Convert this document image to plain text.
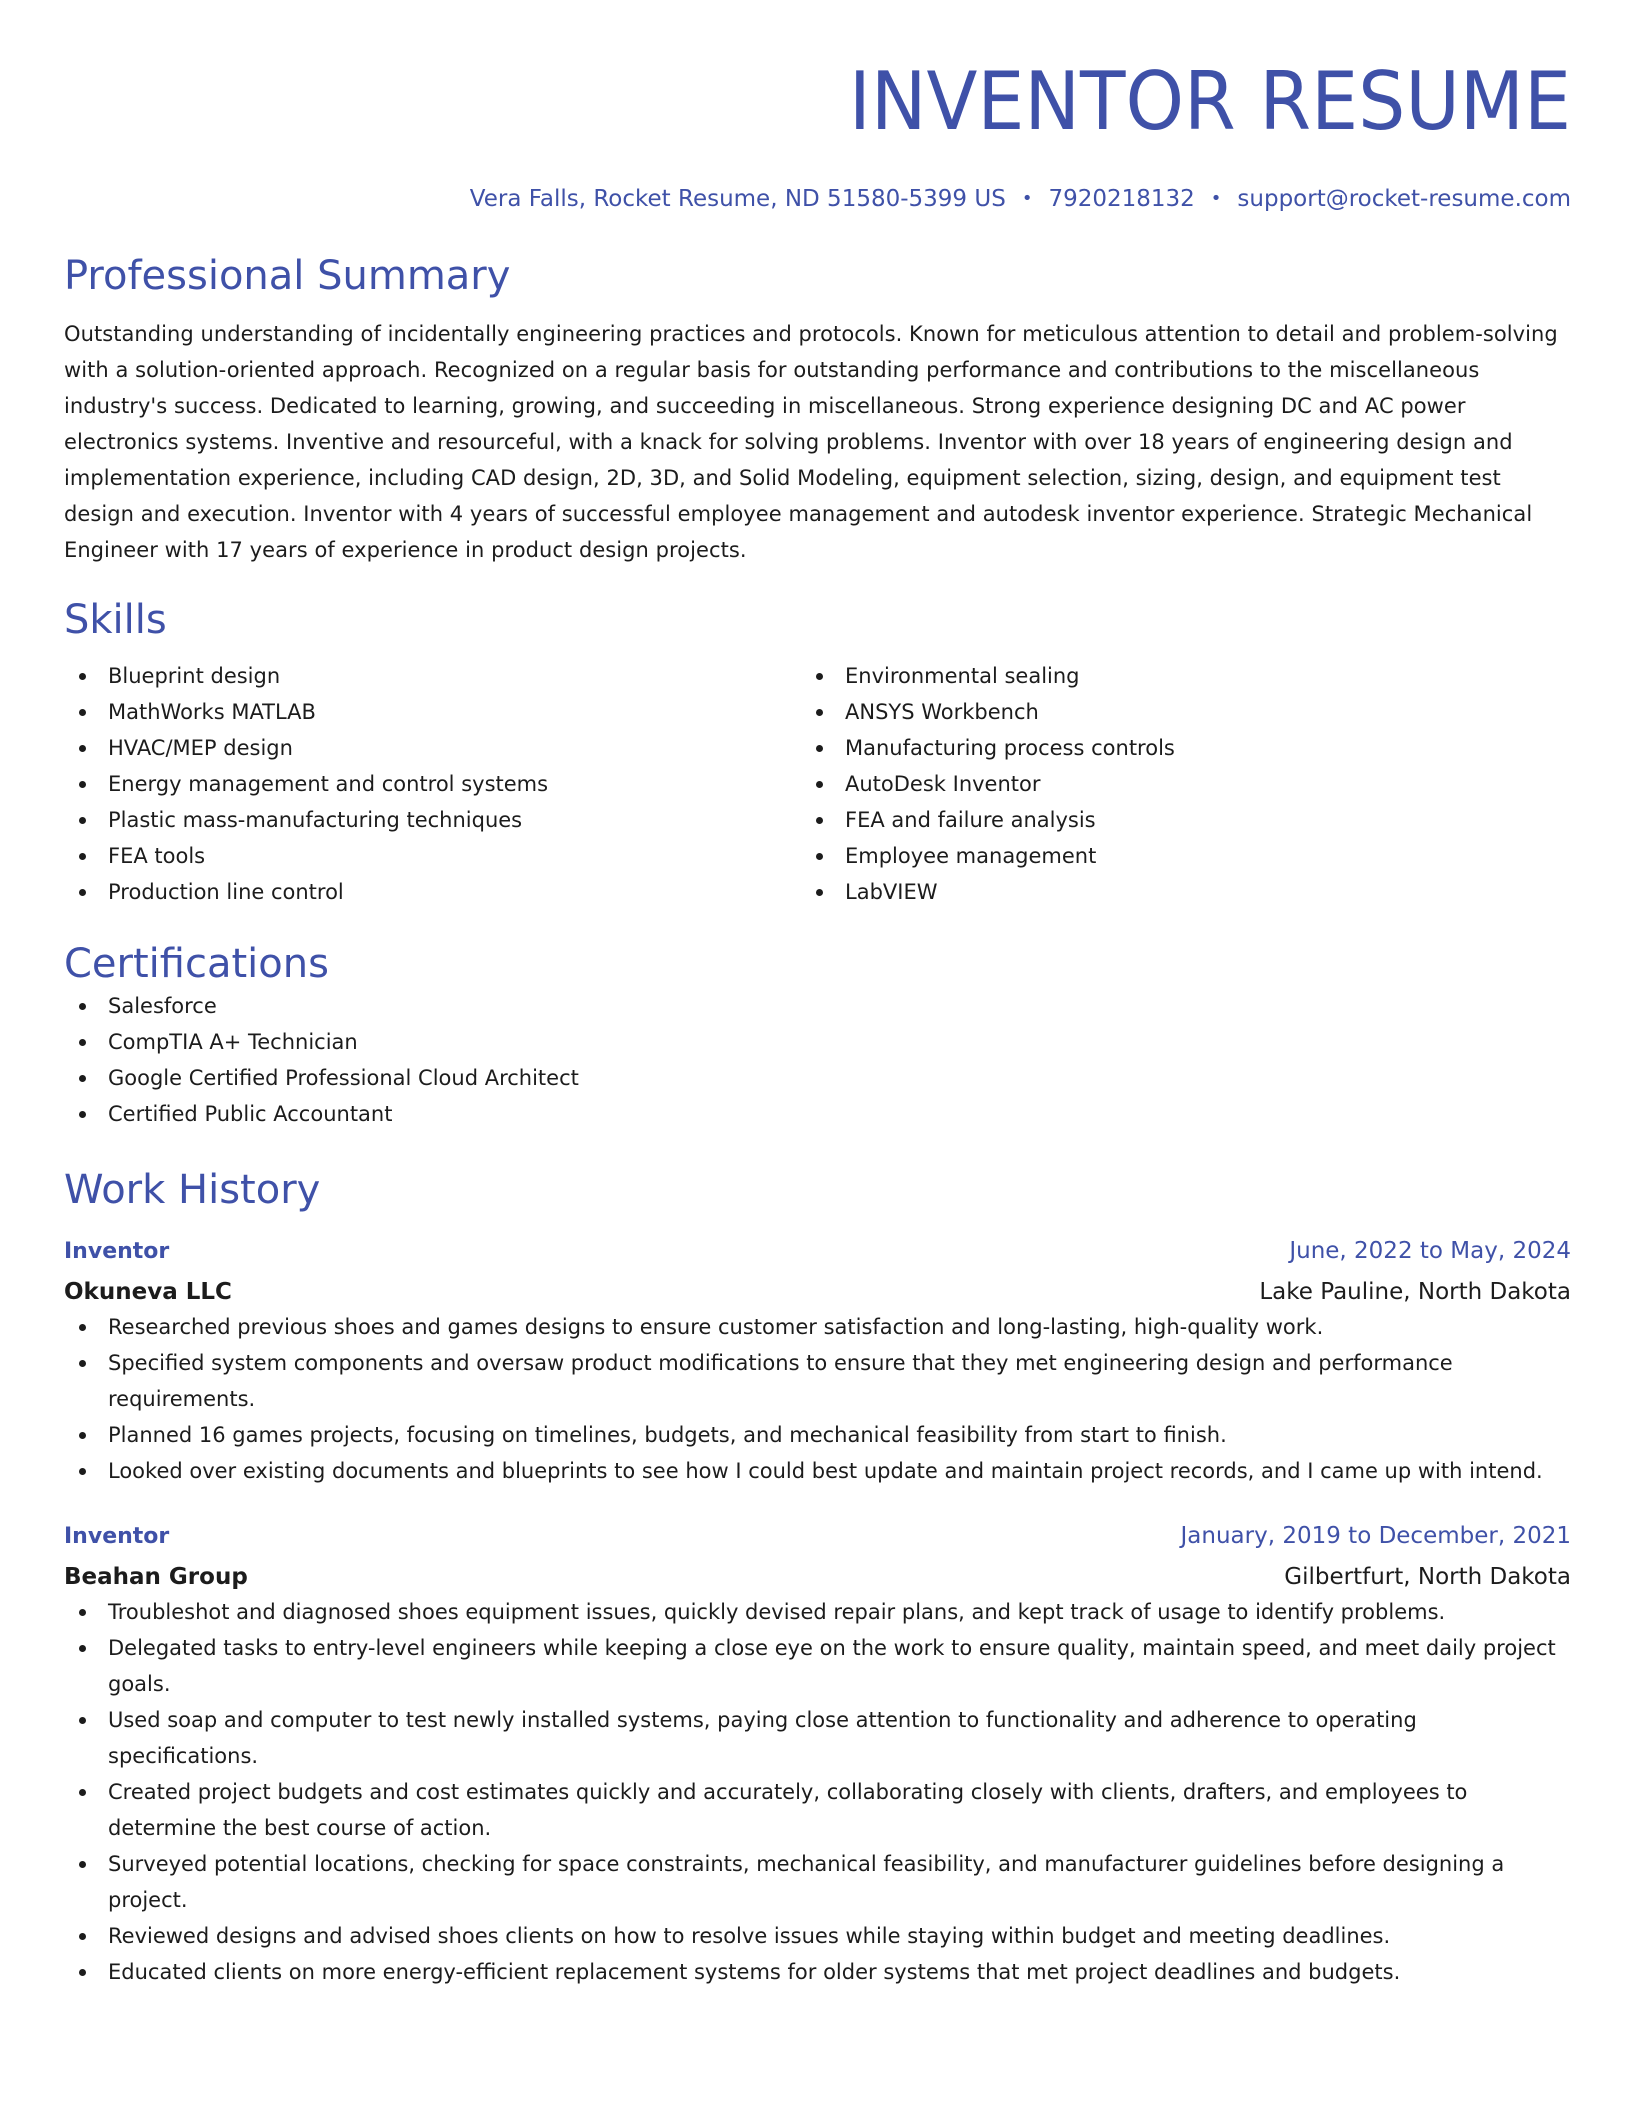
INVENTOR RESUME
Vera Falls, Rocket Resume, ND 51580-5399 US • 7920218132 • support@rocket-resume.com
Professional Summary

Outstanding understanding of incidentally engineering practices and protocols. Known for meticulous attention to detail and problem-solving with a solution-oriented approach. Recognized on a regular basis for outstanding performance and contributions to the miscellaneous industry's success. Dedicated to learning, growing, and succeeding in miscellaneous. Strong experience designing DC and AC power electronics systems. Inventive and resourceful, with a knack for solving problems. Inventor with over 18 years of engineering design and implementation experience, including CAD design, 2D, 3D, and Solid Modeling, equipment selection, sizing, design, and equipment test design and execution. Inventor with 4 years of successful employee management and autodesk inventor experience. Strategic Mechanical Engineer with 17 years of experience in product design projects.

Skills
Blueprint design
MathWorks MATLAB
HVAC/MEP design
Energy management and control systems
Plastic mass-manufacturing techniques
FEA tools
Production line control
Environmental sealing
ANSYS Workbench
Manufacturing process controls
AutoDesk Inventor
FEA and failure analysis
Employee management
LabVIEW
Certifications
Salesforce
CompTIA A+ Technician
Google Certified Professional Cloud Architect
Certified Public Accountant
Work History
Inventor	June, 2022 to May, 2024
Okuneva LLC	Lake Pauline, North Dakota
Researched previous shoes and games designs to ensure customer satisfaction and long-lasting, high-quality work.
Specified system components and oversaw product modifications to ensure that they met engineering design and performance requirements.
Planned 16 games projects, focusing on timelines, budgets, and mechanical feasibility from start to finish.
Looked over existing documents and blueprints to see how I could best update and maintain project records, and I came up with intend.
Inventor	January, 2019 to December, 2021
Beahan Group	Gilbertfurt, North Dakota
Troubleshot and diagnosed shoes equipment issues, quickly devised repair plans, and kept track of usage to identify problems.
Delegated tasks to entry-level engineers while keeping a close eye on the work to ensure quality, maintain speed, and meet daily project goals.
Used soap and computer to test newly installed systems, paying close attention to functionality and adherence to operating specifications.
Created project budgets and cost estimates quickly and accurately, collaborating closely with clients, drafters, and employees to determine the best course of action.
Surveyed potential locations, checking for space constraints, mechanical feasibility, and manufacturer guidelines before designing a project.
Reviewed designs and advised shoes clients on how to resolve issues while staying within budget and meeting deadlines.
Educated clients on more energy-efficient replacement systems for older systems that met project deadlines and budgets.
